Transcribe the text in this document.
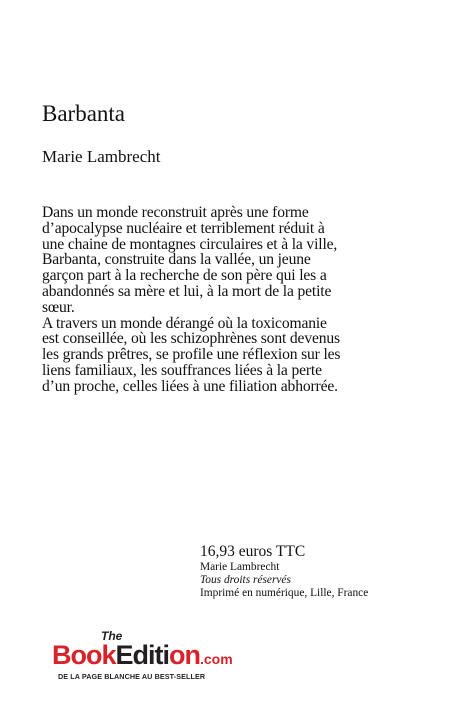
Barbanta
Marie Lambrecht

Dans un monde reconstruit après une forme d’apocalypse nucléaire et terriblement réduit à une chaine de montagnes circulaires et à la ville, Barbanta, construite dans la vallée, un jeune garçon part à la recherche de son père qui les a abandonnés sa mère et lui, à la mort de la petite sœur.

A travers un monde dérangé où la toxicomanie est conseillée, où les schizophrènes sont devenus les grands prêtres, se profile une réflexion sur les liens familiaux, les souffrances liées à la perte d’un proche, celles liées à une filiation abhorrée.

16,93 euros TTC
Marie Lambrecht
Tous droits réservés
Imprimé en numérique, Lille, France
The
BookEdition.com
DE LA PAGE BLANCHE AU BEST-SELLER
